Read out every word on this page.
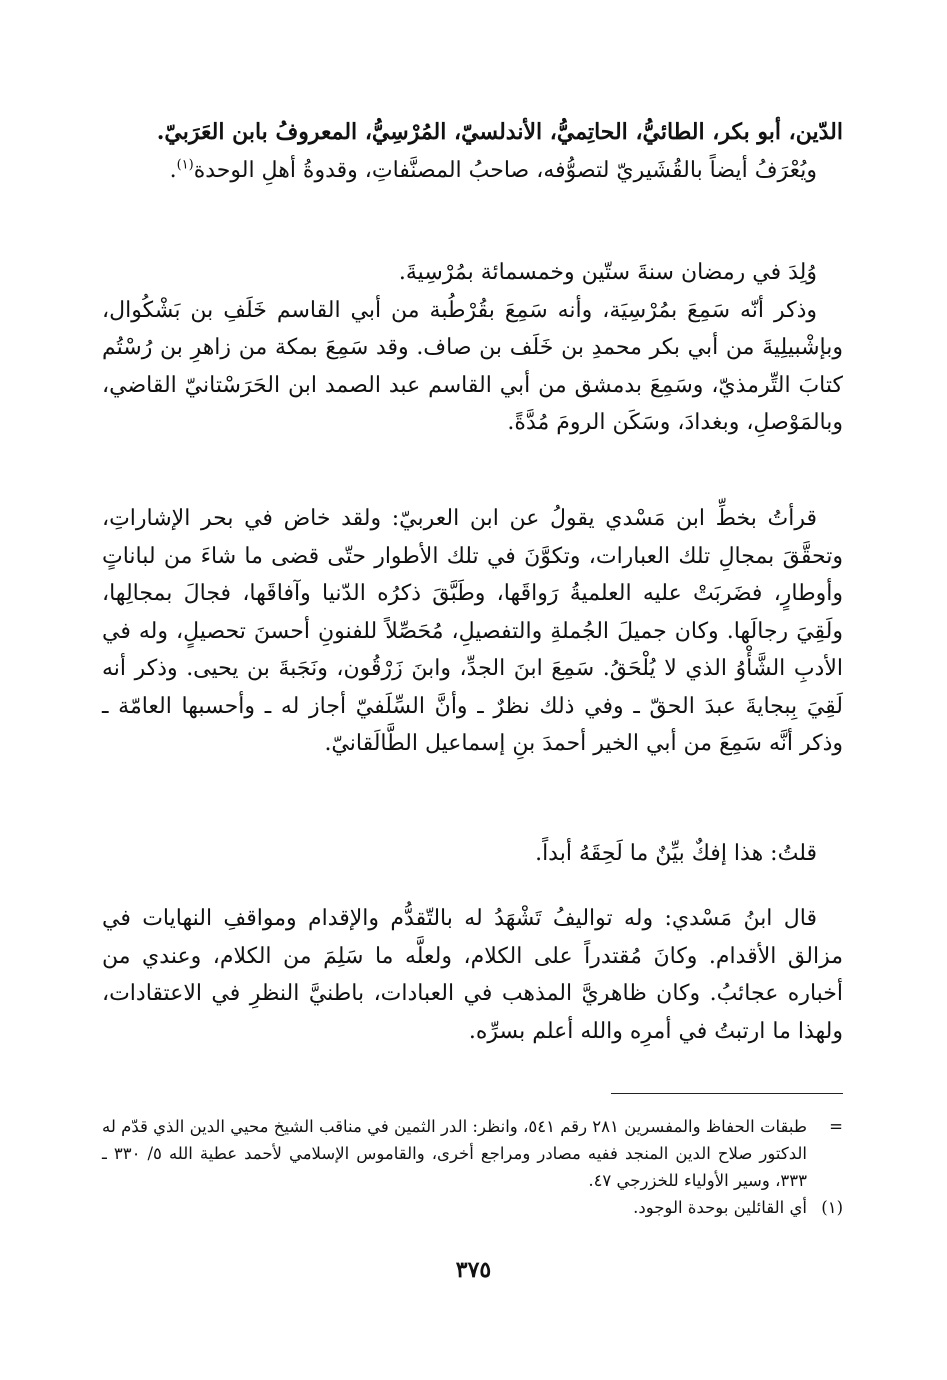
الدّين، أبو بكر، الطائيُّ، الحاتِميُّ، الأندلسيّ، المُرْسِيُّ، المعروفُ بابن العَرَبيّ.

ويُعْرَفُ أيضاً بالقُشَيريّ لتصوُّفه، صاحبُ المصنَّفاتِ، وقدوةُ أهلِ الوحدة$^{(١)}$.

وُلِدَ في رمضان سنةَ ستّين وخمسمائة بمُرْسِيةَ.

وذكر أنّه سَمِعَ بمُرْسِيَة، وأنه سَمِعَ بقُرْطُبة من أبي القاسم خَلَفِ بن بَشْكُوال، وبإشْبيلِيةَ من أبي بكر محمدِ بن خَلَف بن صاف. وقد سَمِعَ بمكة من زاهرِ بن رُسْتُم كتابَ التِّرمذيّ، وسَمِعَ بدمشق من أبي القاسم عبد الصمد ابن الحَرَسْتانيّ القاضي، وبالمَوْصلِ، وبغدادَ، وسَكَن الرومَ مُدَّةً.

قرأتُ بخطِّ ابن مَسْدي يقولُ عن ابن العربيّ: ولقد خاض في بحر الإشاراتِ، وتحقَّقَ بمجالِ تلك العبارات، وتكوَّنَ في تلك الأطوار حتّى قضى ما شاءَ من لباناتٍ وأوطارٍ، فضَربَتْ عليه العلميةُ رَواقَها، وطَبَّقَ ذكرُه الدّنيا وآفاقَها، فجالَ بمجالِها، ولَقِيَ رجالَها. وكان جميلَ الجُملةِ والتفصيلِ، مُحَصِّلاً للفنونِ أحسنَ تحصيلٍ، وله في الأدبِ الشَّأْوُ الذي لا يُلْحَقُ. سَمِعَ ابنَ الجدِّ، وابنَ زَرْقُون، ونَجَبةَ بن يحيى. وذكر أنه لَقِيَ بِبجايةَ عبدَ الحقّ ـ وفي ذلك نظرٌ ـ وأنَّ السِّلَفيّ أجاز له ـ وأحسبها العامّة ـ وذكر أنَّه سَمِعَ من أبي الخير أحمدَ بنِ إسماعيل الطَّالَقانيّ.

قلتُ: هذا إفكٌ بيِّنٌ ما لَحِقَهُ أبداً.

قال ابنُ مَسْدي: وله تواليفُ تَشْهَدُ له بالتّقدُّم والإقدام ومواقفِ النهايات في مزالق الأقدام. وكانَ مُقتدراً على الكلام، ولعلَّه ما سَلِمَ من الكلام، وعندي من أخباره عجائبُ. وكان ظاهريَّ المذهب في العبادات، باطنيَّ النظرِ في الاعتقادات، ولهذا ما ارتبتُ في أمرِه والله أعلم بسرِّه.

=
طبقات الحفاظ والمفسرين ٢٨١ رقم ٥٤١، وانظر: الدر الثمين في مناقب الشيخ محيي الدين الذي قدّم له الدكتور صلاح الدين المنجد ففيه مصادر ومراجع أخرى، والقاموس الإسلامي لأحمد عطية الله ٥/ ٣٣٠ ـ ٣٣٣، وسير الأولياء للخزرجي ٤٧.

(١)
أي القائلين بوحدة الوجود.

٣٧٥
